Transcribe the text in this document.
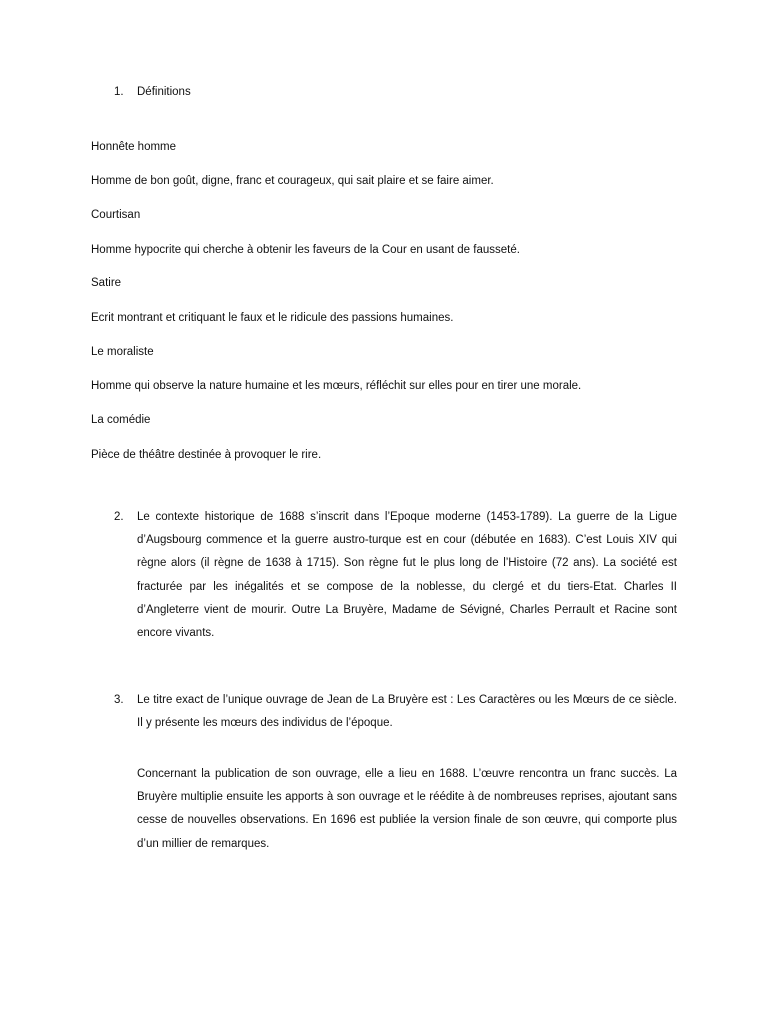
1. Définitions
Honnête homme
Homme de bon goût, digne, franc et courageux, qui sait plaire et se faire aimer.
Courtisan
Homme hypocrite qui cherche à obtenir les faveurs de la Cour en usant de fausseté.
Satire
Ecrit montrant et critiquant le faux et le ridicule des passions humaines.
Le moraliste
Homme qui observe la nature humaine et les mœurs, réfléchit sur elles pour en tirer une morale.
La comédie
Pièce de théâtre destinée à provoquer le rire.
2. Le contexte historique de 1688 s’inscrit dans l’Epoque moderne (1453-1789). La guerre de la Ligue d’Augsbourg commence et la guerre austro-turque est en cour (débutée en 1683). C’est Louis XIV qui règne alors (il règne de 1638 à 1715). Son règne fut le plus long de l’Histoire (72 ans). La société est fracturée par les inégalités et se compose de la noblesse, du clergé et du tiers-Etat. Charles II d’Angleterre vient de mourir. Outre La Bruyère, Madame de Sévigné, Charles Perrault et Racine sont encore vivants.
3. Le titre exact de l’unique ouvrage de Jean de La Bruyère est : Les Caractères ou les Mœurs de ce siècle. Il y présente les mœurs des individus de l’époque.
Concernant la publication de son ouvrage, elle a lieu en 1688. L’œuvre rencontra un franc succès. La Bruyère multiplie ensuite les apports à son ouvrage et le réédite à de nombreuses reprises, ajoutant sans cesse de nouvelles observations. En 1696 est publiée la version finale de son œuvre, qui comporte plus d’un millier de remarques.
